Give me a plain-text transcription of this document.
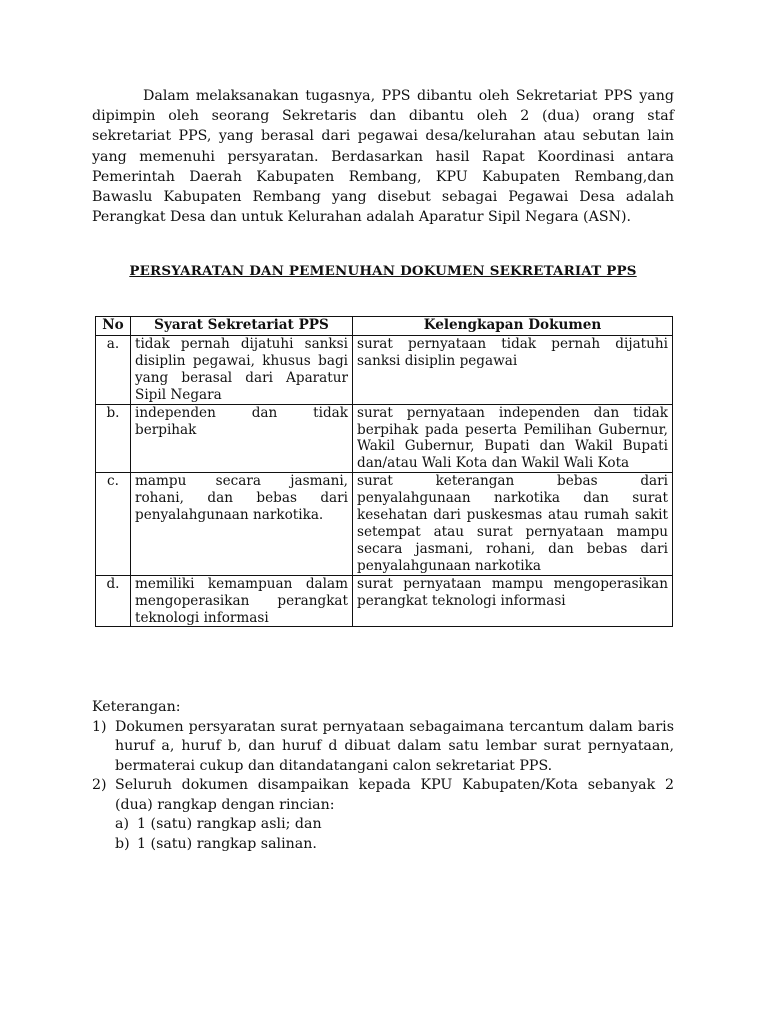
Dalam melaksanakan tugasnya, PPS dibantu oleh Sekretariat PPS yang dipimpin oleh seorang Sekretaris dan dibantu oleh 2 (dua) orang staf sekretariat PPS, yang berasal dari pegawai desa/kelurahan atau sebutan lain yang memenuhi persyaratan. Berdasarkan hasil Rapat Koordinasi antara Pemerintah Daerah Kabupaten Rembang, KPU Kabupaten Rembang,dan Bawaslu Kabupaten Rembang yang disebut sebagai Pegawai Desa adalah Perangkat Desa dan untuk Kelurahan adalah Aparatur Sipil Negara (ASN).

PERSYARATAN DAN PEMENUHAN DOKUMEN SEKRETARIAT PPS

No	Syarat Sekretariat PPS	Kelengkapan Dokumen
a.	tidak pernah dijatuhi sanksi disiplin pegawai, khusus bagi yang berasal dari Aparatur Sipil Negara	surat pernyataan tidak pernah dijatuhi sanksi disiplin pegawai
b.	independen dan tidak berpihak	surat pernyataan independen dan tidak berpihak pada peserta Pemilihan Gubernur, Wakil Gubernur, Bupati dan Wakil Bupati dan/atau Wali Kota dan Wakil Wali Kota
c.	mampu secara jasmani, rohani, dan bebas dari penyalahgunaan narkotika.	surat keterangan bebas dari penyalahgunaan narkotika dan surat kesehatan dari puskesmas atau rumah sakit setempat atau surat pernyataan mampu secara jasmani, rohani, dan bebas dari penyalahgunaan narkotika
d.	memiliki kemampuan dalam mengoperasikan perangkat teknologi informasi	surat pernyataan mampu mengoperasikan perangkat teknologi informasi
Keterangan:
1) Dokumen persyaratan surat pernyataan sebagaimana tercantum dalam baris huruf a, huruf b, dan huruf d dibuat dalam satu lembar surat pernyataan, bermaterai cukup dan ditandatangani calon sekretariat PPS.
2) Seluruh dokumen disampaikan kepada KPU Kabupaten/Kota sebanyak 2 (dua) rangkap dengan rincian:
a) 1 (satu) rangkap asli; dan
b) 1 (satu) rangkap salinan.
